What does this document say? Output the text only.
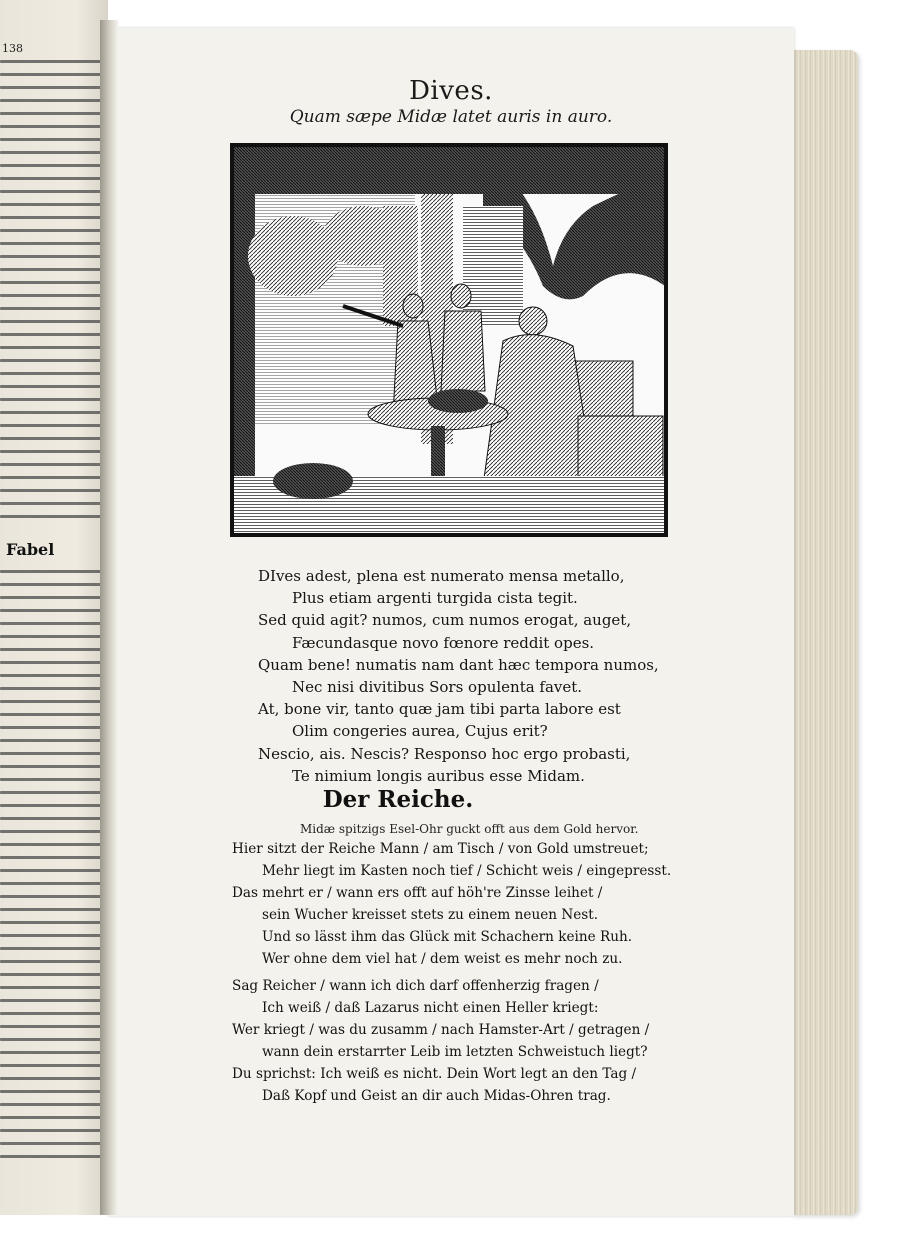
138
Fabel
Dives.
Quam sæpe Midæ latet auris in auro.
DIves adest, plena est numerato mensa metallo,
Plus etiam argenti turgida cista tegit.
Sed quid agit? numos, cum numos erogat, auget,
Fæcundasque novo fœnore reddit opes.
Quam bene! numatis nam dant hæc tempora numos,
Nec nisi divitibus Sors opulenta favet.
At, bone vir, tanto quæ jam tibi parta labore est
Olim congeries aurea, Cujus erit?
Nescio, ais. Nescis? Responso hoc ergo probasti,
Te nimium longis auribus esse Midam.
Der Reiche.
Midæ spitzigs Esel-Ohr guckt offt aus dem Gold hervor.
Hier sitzt der Reiche Mann / am Tisch / von Gold umstreuet;
Mehr liegt im Kasten noch tief / Schicht weis / eingepresst.
Das mehrt er / wann ers offt auf höh're Zinsse leihet /
sein Wucher kreisset stets zu einem neuen Nest.
Und so lässt ihm das Glück mit Schachern keine Ruh.
Wer ohne dem viel hat / dem weist es mehr noch zu.
Sag Reicher / wann ich dich darf offenherzig fragen /
Ich weiß / daß Lazarus nicht einen Heller kriegt:
Wer kriegt / was du zusamm / nach Hamster-Art / getragen /
wann dein erstarrter Leib im letzten Schweistuch liegt?
Du sprichst: Ich weiß es nicht. Dein Wort legt an den Tag /
Daß Kopf und Geist an dir auch Midas-Ohren trag.
